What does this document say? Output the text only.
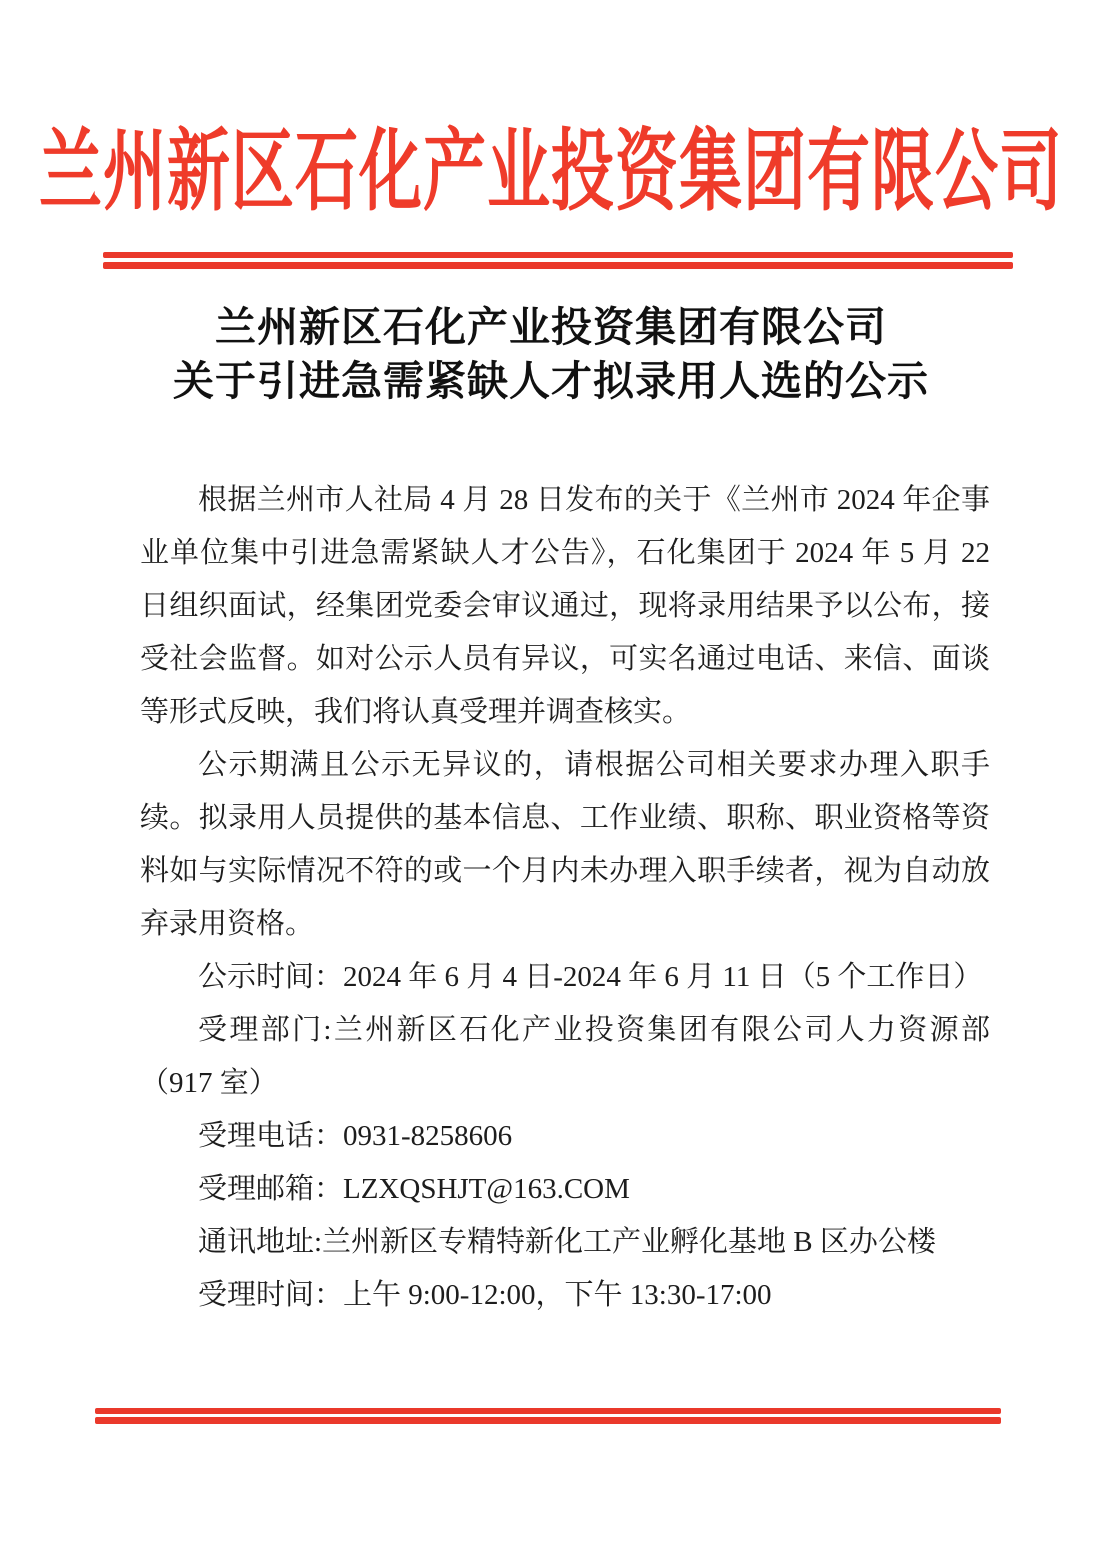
兰州新区石化产业投资集团有限公司
兰州新区石化产业投资集团有限公司
关于引进急需紧缺人才拟录用人选的公示

根据兰州市人社局 4 月 28 日发布的关于《兰州市 2024 年企事业单位集中引进急需紧缺人才公告》，石化集团于 2024 年 5 月 22 日组织面试，经集团党委会审议通过，现将录用结果予以公布，接受社会监督。如对公示人员有异议，可实名通过电话、来信、面谈等形式反映，我们将认真受理并调查核实。

公示期满且公示无异议的，请根据公司相关要求办理入职手续。拟录用人员提供的基本信息、工作业绩、职称、职业资格等资料如与实际情况不符的或一个月内未办理入职手续者，视为自动放弃录用资格。

公示时间：2024 年 6 月 4 日-2024 年 6 月 11 日（5 个工作日）

受理部门:兰州新区石化产业投资集团有限公司人力资源部（917 室）

受理电话：0931-8258606

受理邮箱：LZXQSHJT@163.COM

通讯地址:兰州新区专精特新化工产业孵化基地 B 区办公楼

受理时间：上午 9:00-12:00，下午 13:30-17:00
